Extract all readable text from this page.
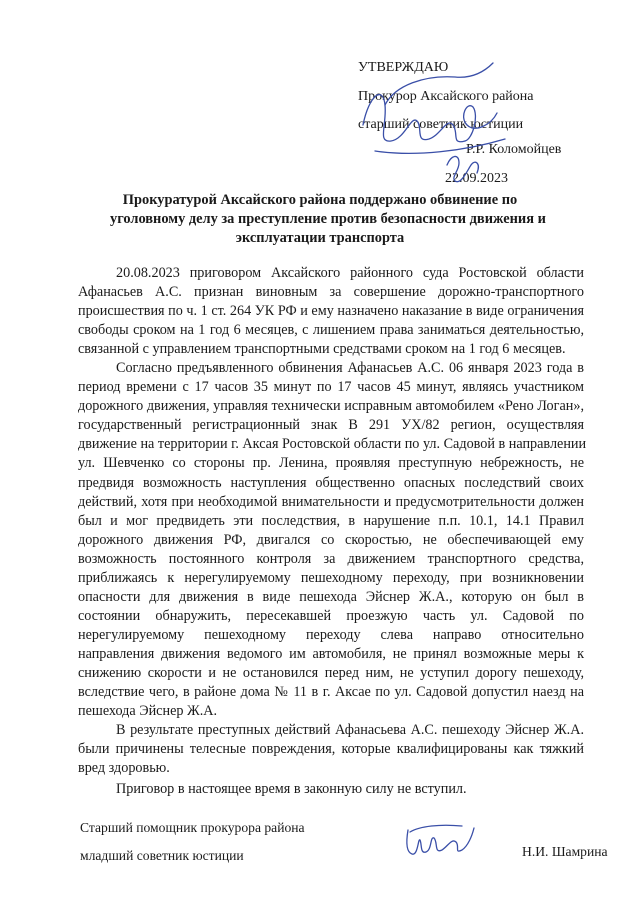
УТВЕРЖДАЮ
Прокурор Аксайского района
старший советник юстиции
Р.Р. Коломойцев
22.09.2023
Прокуратурой Аксайского района поддержано обвинение по
уголовному делу за преступление против безопасности движения и
эксплуатации транспорта
20.08.2023 приговором Аксайского районного суда Ростовской области
Афанасьев А.С. признан виновным за совершение дорожно-транспортного
происшествия по ч. 1 ст. 264 УК РФ и ему назначено наказание в виде ограничения
свободы сроком на 1 год 6 месяцев, с лишением права заниматься деятельностью,
связанной с управлением транспортными средствами сроком на 1 год 6 месяцев.
Согласно предъявленного обвинения Афанасьев А.С. 06 января 2023 года в
период времени с 17 часов 35 минут по 17 часов 45 минут, являясь участником
дорожного движения, управляя технически исправным автомобилем «Рено Логан»,
государственный регистрационный знак В 291 УХ/82 регион, осуществляя
движение на территории г. Аксая Ростовской области по ул. Садовой в направлении
ул. Шевченко со стороны пр. Ленина, проявляя преступную небрежность, не
предвидя возможность наступления общественно опасных последствий своих
действий, хотя при необходимой внимательности и предусмотрительности должен
был и мог предвидеть эти последствия, в нарушение п.п. 10.1, 14.1 Правил
дорожного движения РФ, двигался со скоростью, не обеспечивающей ему
возможность постоянного контроля за движением транспортного средства,
приближаясь к нерегулируемому пешеходному переходу, при возникновении
опасности для движения в виде пешехода Эйснер Ж.А., которую он был в
состоянии обнаружить, пересекавшей проезжую часть ул. Садовой по
нерегулируемому пешеходному переходу слева направо относительно
направления движения ведомого им автомобиля, не принял возможные меры к
снижению скорости и не остановился перед ним, не уступил дорогу пешеходу,
вследствие чего, в районе дома № 11 в г. Аксае по ул. Садовой допустил наезд на
пешехода Эйснер Ж.А.
В результате преступных действий Афанасьева А.С. пешеходу Эйснер Ж.А.
были причинены телесные повреждения, которые квалифицированы как тяжкий
вред здоровью.
Приговор в настоящее время в законную силу не вступил.
Старший помощник прокурора района
младший советник юстиции	Н.И. Шамрина
